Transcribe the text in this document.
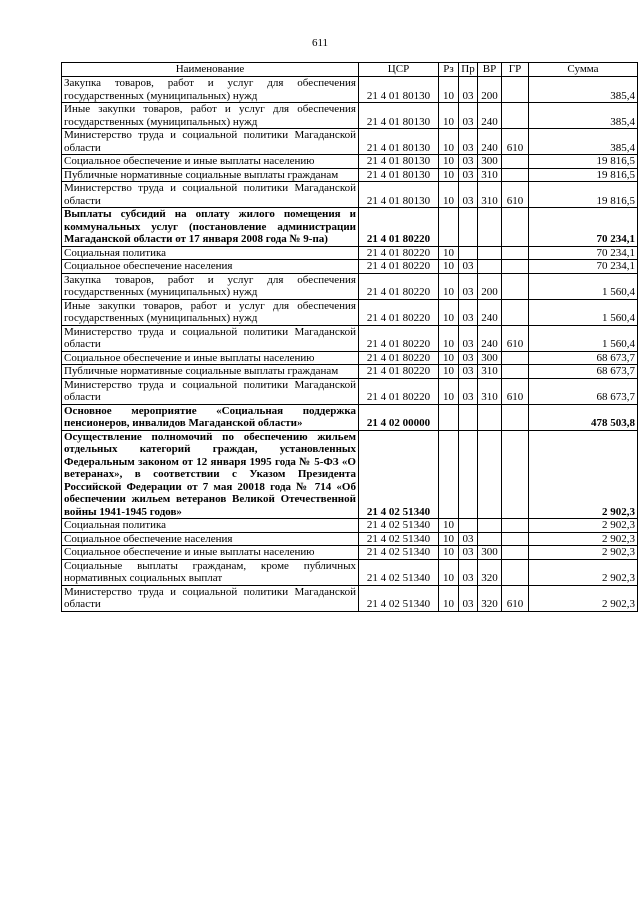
611
Наименование	ЦСР	Рз	Пр	ВР	ГР	Сумма
Закупка товаров, работ и услуг для обеспечения государственных (муниципальных) нужд	21 4 01 80130	10	03	200		385,4
Иные закупки товаров, работ и услуг для обеспечения государственных (муниципальных) нужд	21 4 01 80130	10	03	240		385,4
Министерство труда и социальной политики Магаданской области	21 4 01 80130	10	03	240	610	385,4
Социальное обеспечение и иные выплаты населению	21 4 01 80130	10	03	300		19 816,5
Публичные нормативные социальные выплаты гражданам	21 4 01 80130	10	03	310		19 816,5
Министерство труда и социальной политики Магаданской области	21 4 01 80130	10	03	310	610	19 816,5
Выплаты субсидий на оплату жилого помещения и коммунальных услуг (постановление администрации Магаданской области от 17 января 2008 года № 9-па)	21 4 01 80220					70 234,1
Социальная политика	21 4 01 80220	10				70 234,1
Социальное обеспечение населения	21 4 01 80220	10	03			70 234,1
Закупка товаров, работ и услуг для обеспечения государственных (муниципальных) нужд	21 4 01 80220	10	03	200		1 560,4
Иные закупки товаров, работ и услуг для обеспечения государственных (муниципальных) нужд	21 4 01 80220	10	03	240		1 560,4
Министерство труда и социальной политики Магаданской области	21 4 01 80220	10	03	240	610	1 560,4
Социальное обеспечение и иные выплаты населению	21 4 01 80220	10	03	300		68 673,7
Публичные нормативные социальные выплаты гражданам	21 4 01 80220	10	03	310		68 673,7
Министерство труда и социальной политики Магаданской области	21 4 01 80220	10	03	310	610	68 673,7
Основное мероприятие «Социальная поддержка пенсионеров, инвалидов Магаданской области»	21 4 02 00000					478 503,8
Осуществление полномочий по обеспечению жильем отдельных категорий граждан, установленных Федеральным законом от 12 января 1995 года № 5-ФЗ «О ветеранах», в соответствии с Указом Президента Российской Федерации от 7 мая 20018 года № 714 «Об обеспечении жильем ветеранов Великой Отечественной войны 1941-1945 годов»	21 4 02 51340					2 902,3
Социальная политика	21 4 02 51340	10				2 902,3
Социальное обеспечение населения	21 4 02 51340	10	03			2 902,3
Социальное обеспечение и иные выплаты населению	21 4 02 51340	10	03	300		2 902,3
Социальные выплаты гражданам, кроме публичных нормативных социальных выплат	21 4 02 51340	10	03	320		2 902,3
Министерство труда и социальной политики Магаданской области	21 4 02 51340	10	03	320	610	2 902,3
